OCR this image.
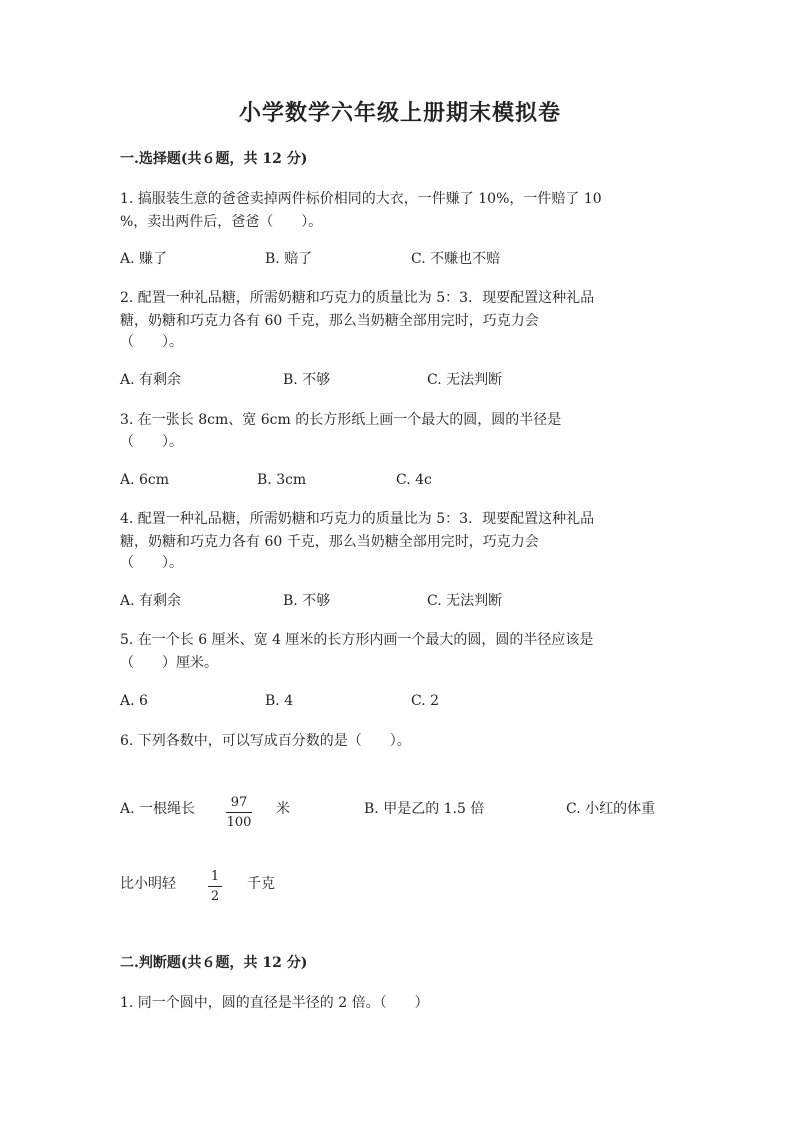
小学数学六年级上册期末模拟卷
一.选择题(共６题，共 12 分)
1. 搞服装生意的爸爸卖掉两件标价相同的大衣，一件赚了 10%，一件赔了 10
%，卖出两件后，爸爸（　　）。
A. 赚了	B. 赔了	C. 不赚也不赔
2. 配置一种礼品糖，所需奶糖和巧克力的质量比为 5：3．现要配置这种礼品
糖，奶糖和巧克力各有 60 千克，那么当奶糖全部用完时，巧克力会
（　　）。
A. 有剩余	B. 不够	C. 无法判断
3. 在一张长 8cm、宽 6cm 的长方形纸上画一个最大的圆，圆的半径是
（　　）。
A. 6cm	B. 3cm	C. 4c
4. 配置一种礼品糖，所需奶糖和巧克力的质量比为 5：3．现要配置这种礼品
糖，奶糖和巧克力各有 60 千克，那么当奶糖全部用完时，巧克力会
（　　）。
A. 有剩余	B. 不够	C. 无法判断
5. 在一个长 6 厘米、宽 4 厘米的长方形内画一个最大的圆，圆的半径应该是
（　　）厘米。
A. 6	B. 4	C. 2
6. 下列各数中，可以写成百分数的是（　　）。
A. 一根绳长	97
100
米	B. 甲是乙的 1.5 倍	C. 小红的体重
比小明轻	1
2
千克
二.判断题(共６题，共 12 分)
1. 同一个圆中，圆的直径是半径的 2 倍。（　　）
